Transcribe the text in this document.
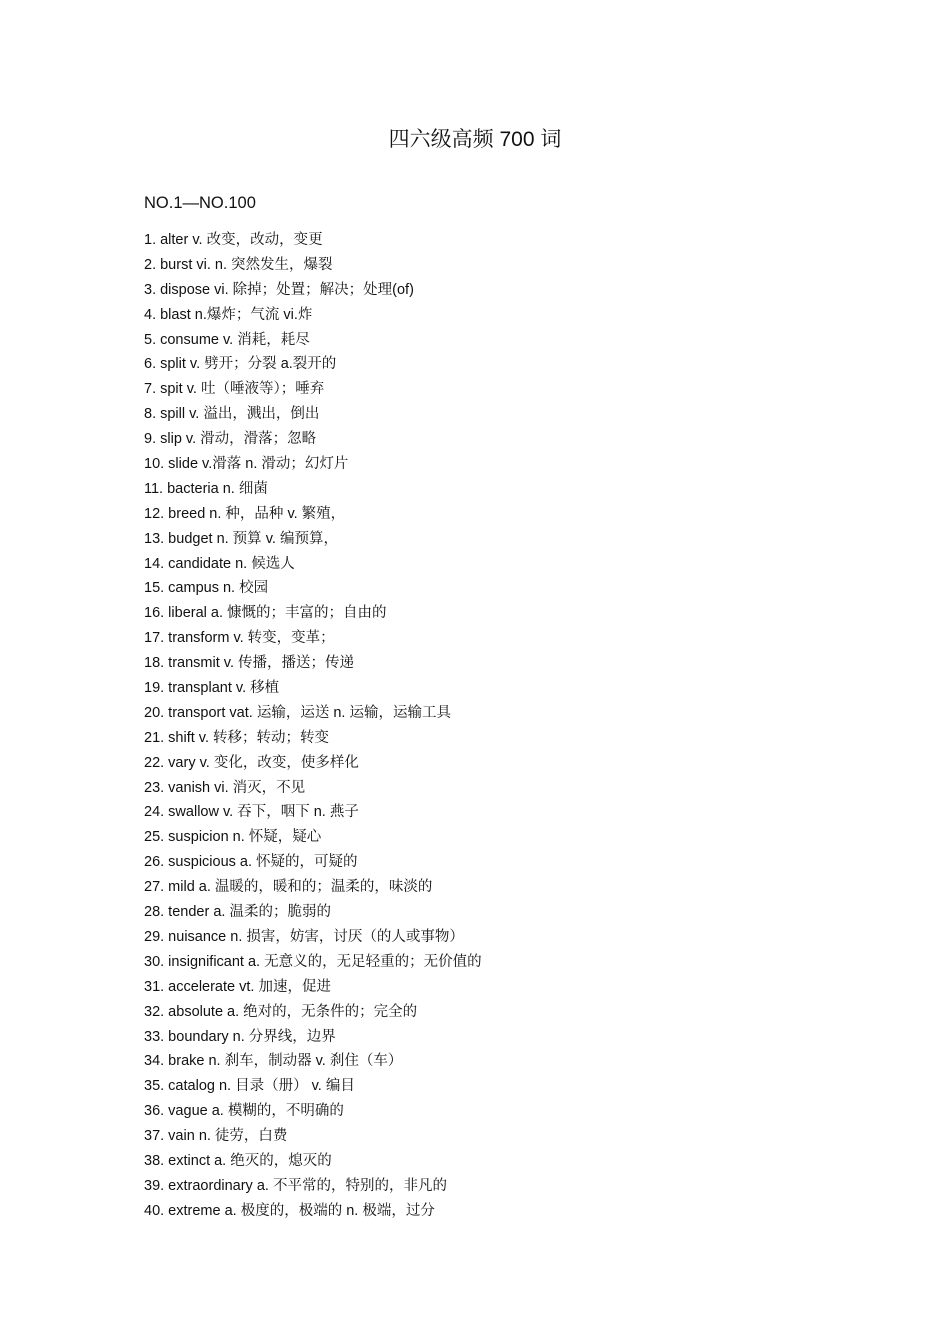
四六级高频 700 词
NO.1—NO.100
1. alter v. 改变，改动，变更
2. burst vi. n. 突然发生，爆裂
3. dispose vi. 除掉；处置；解决；处理(of)
4. blast n.爆炸；气流 vi.炸
5. consume v. 消耗，耗尽
6. split v. 劈开；分裂 a.裂开的
7. spit v. 吐（唾液等）；唾弃
8. spill v. 溢出，溅出，倒出
9. slip v. 滑动，滑落；忽略
10. slide v.滑落 n. 滑动；幻灯片
11. bacteria n. 细菌
12. breed n. 种，品种 v. 繁殖，
13. budget n. 预算 v. 编预算，
14. candidate n. 候选人
15. campus n. 校园
16. liberal a. 慷慨的；丰富的；自由的
17. transform v. 转变，变革；
18. transmit v. 传播，播送；传递
19. transplant v. 移植
20. transport vat. 运输，运送 n. 运输，运输工具
21. shift v. 转移；转动；转变
22. vary v. 变化，改变，使多样化
23. vanish vi. 消灭，不见
24. swallow v. 吞下，咽下 n. 燕子
25. suspicion n. 怀疑，疑心
26. suspicious a. 怀疑的，可疑的
27. mild a. 温暖的，暖和的；温柔的，味淡的
28. tender a. 温柔的；脆弱的
29. nuisance n. 损害，妨害，讨厌（的人或事物）
30. insignificant a. 无意义的，无足轻重的；无价值的
31. accelerate vt. 加速，促进
32. absolute a. 绝对的，无条件的；完全的
33. boundary n. 分界线，边界
34. brake n. 刹车，制动器 v. 刹住（车）
35. catalog n. 目录（册） v. 编目
36. vague a. 模糊的，不明确的
37. vain n. 徒劳，白费
38. extinct a. 绝灭的，熄灭的
39. extraordinary a. 不平常的，特别的，非凡的
40. extreme a. 极度的，极端的 n. 极端，过分
